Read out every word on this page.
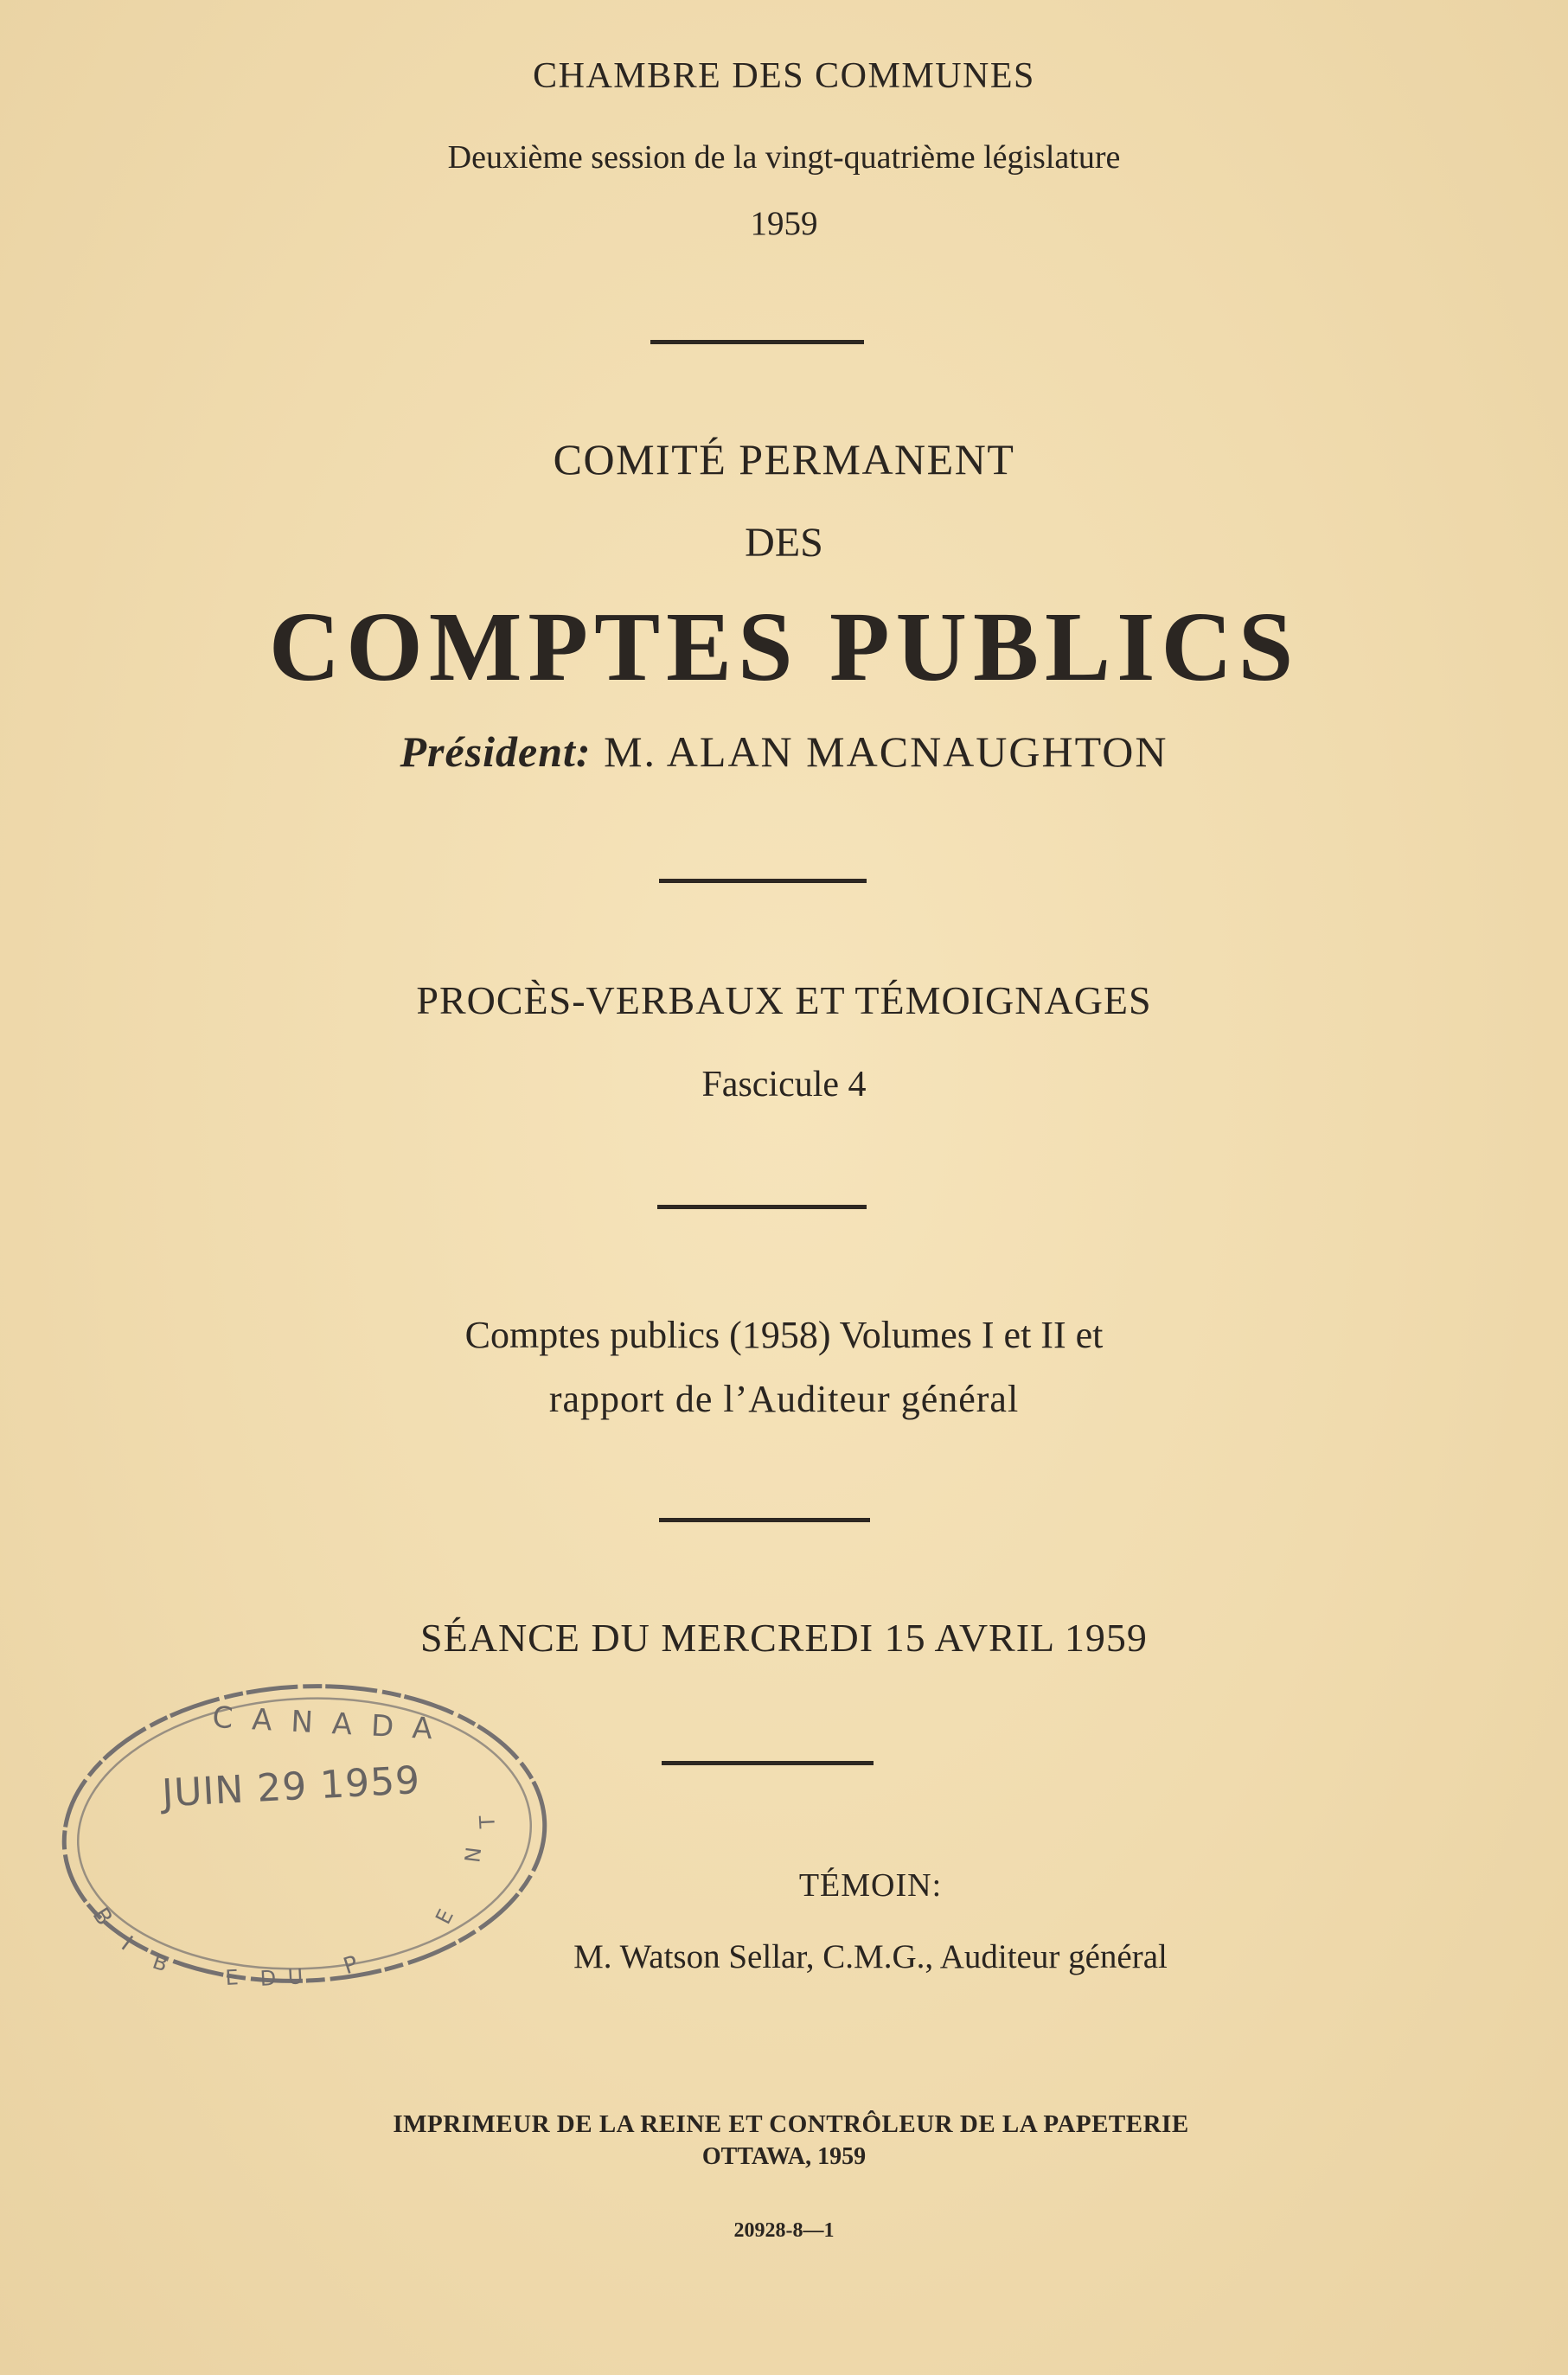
CHAMBRE DES COMMUNES
Deuxième session de la vingt-quatrième législature
1959
COMITÉ PERMANENT
DES
COMPTES PUBLICS
Président: M. ALAN MACNAUGHTON
PROCÈS-VERBAUX ET TÉMOIGNAGES
Fascicule 4
Comptes publics (1958) Volumes I et II et
rapport de l’Auditeur général
SÉANCE DU MERCREDI 15 AVRIL 1959
TÉMOIN:
M. Watson Sellar, C.M.G., Auditeur général
IMPRIMEUR DE LA REINE ET CONTRÔLEUR DE LA PAPETERIE
OTTAWA, 1959
20928-8—1
B
I
B
E D U P
E
N
T
CANADA
JUIN 29 1959
